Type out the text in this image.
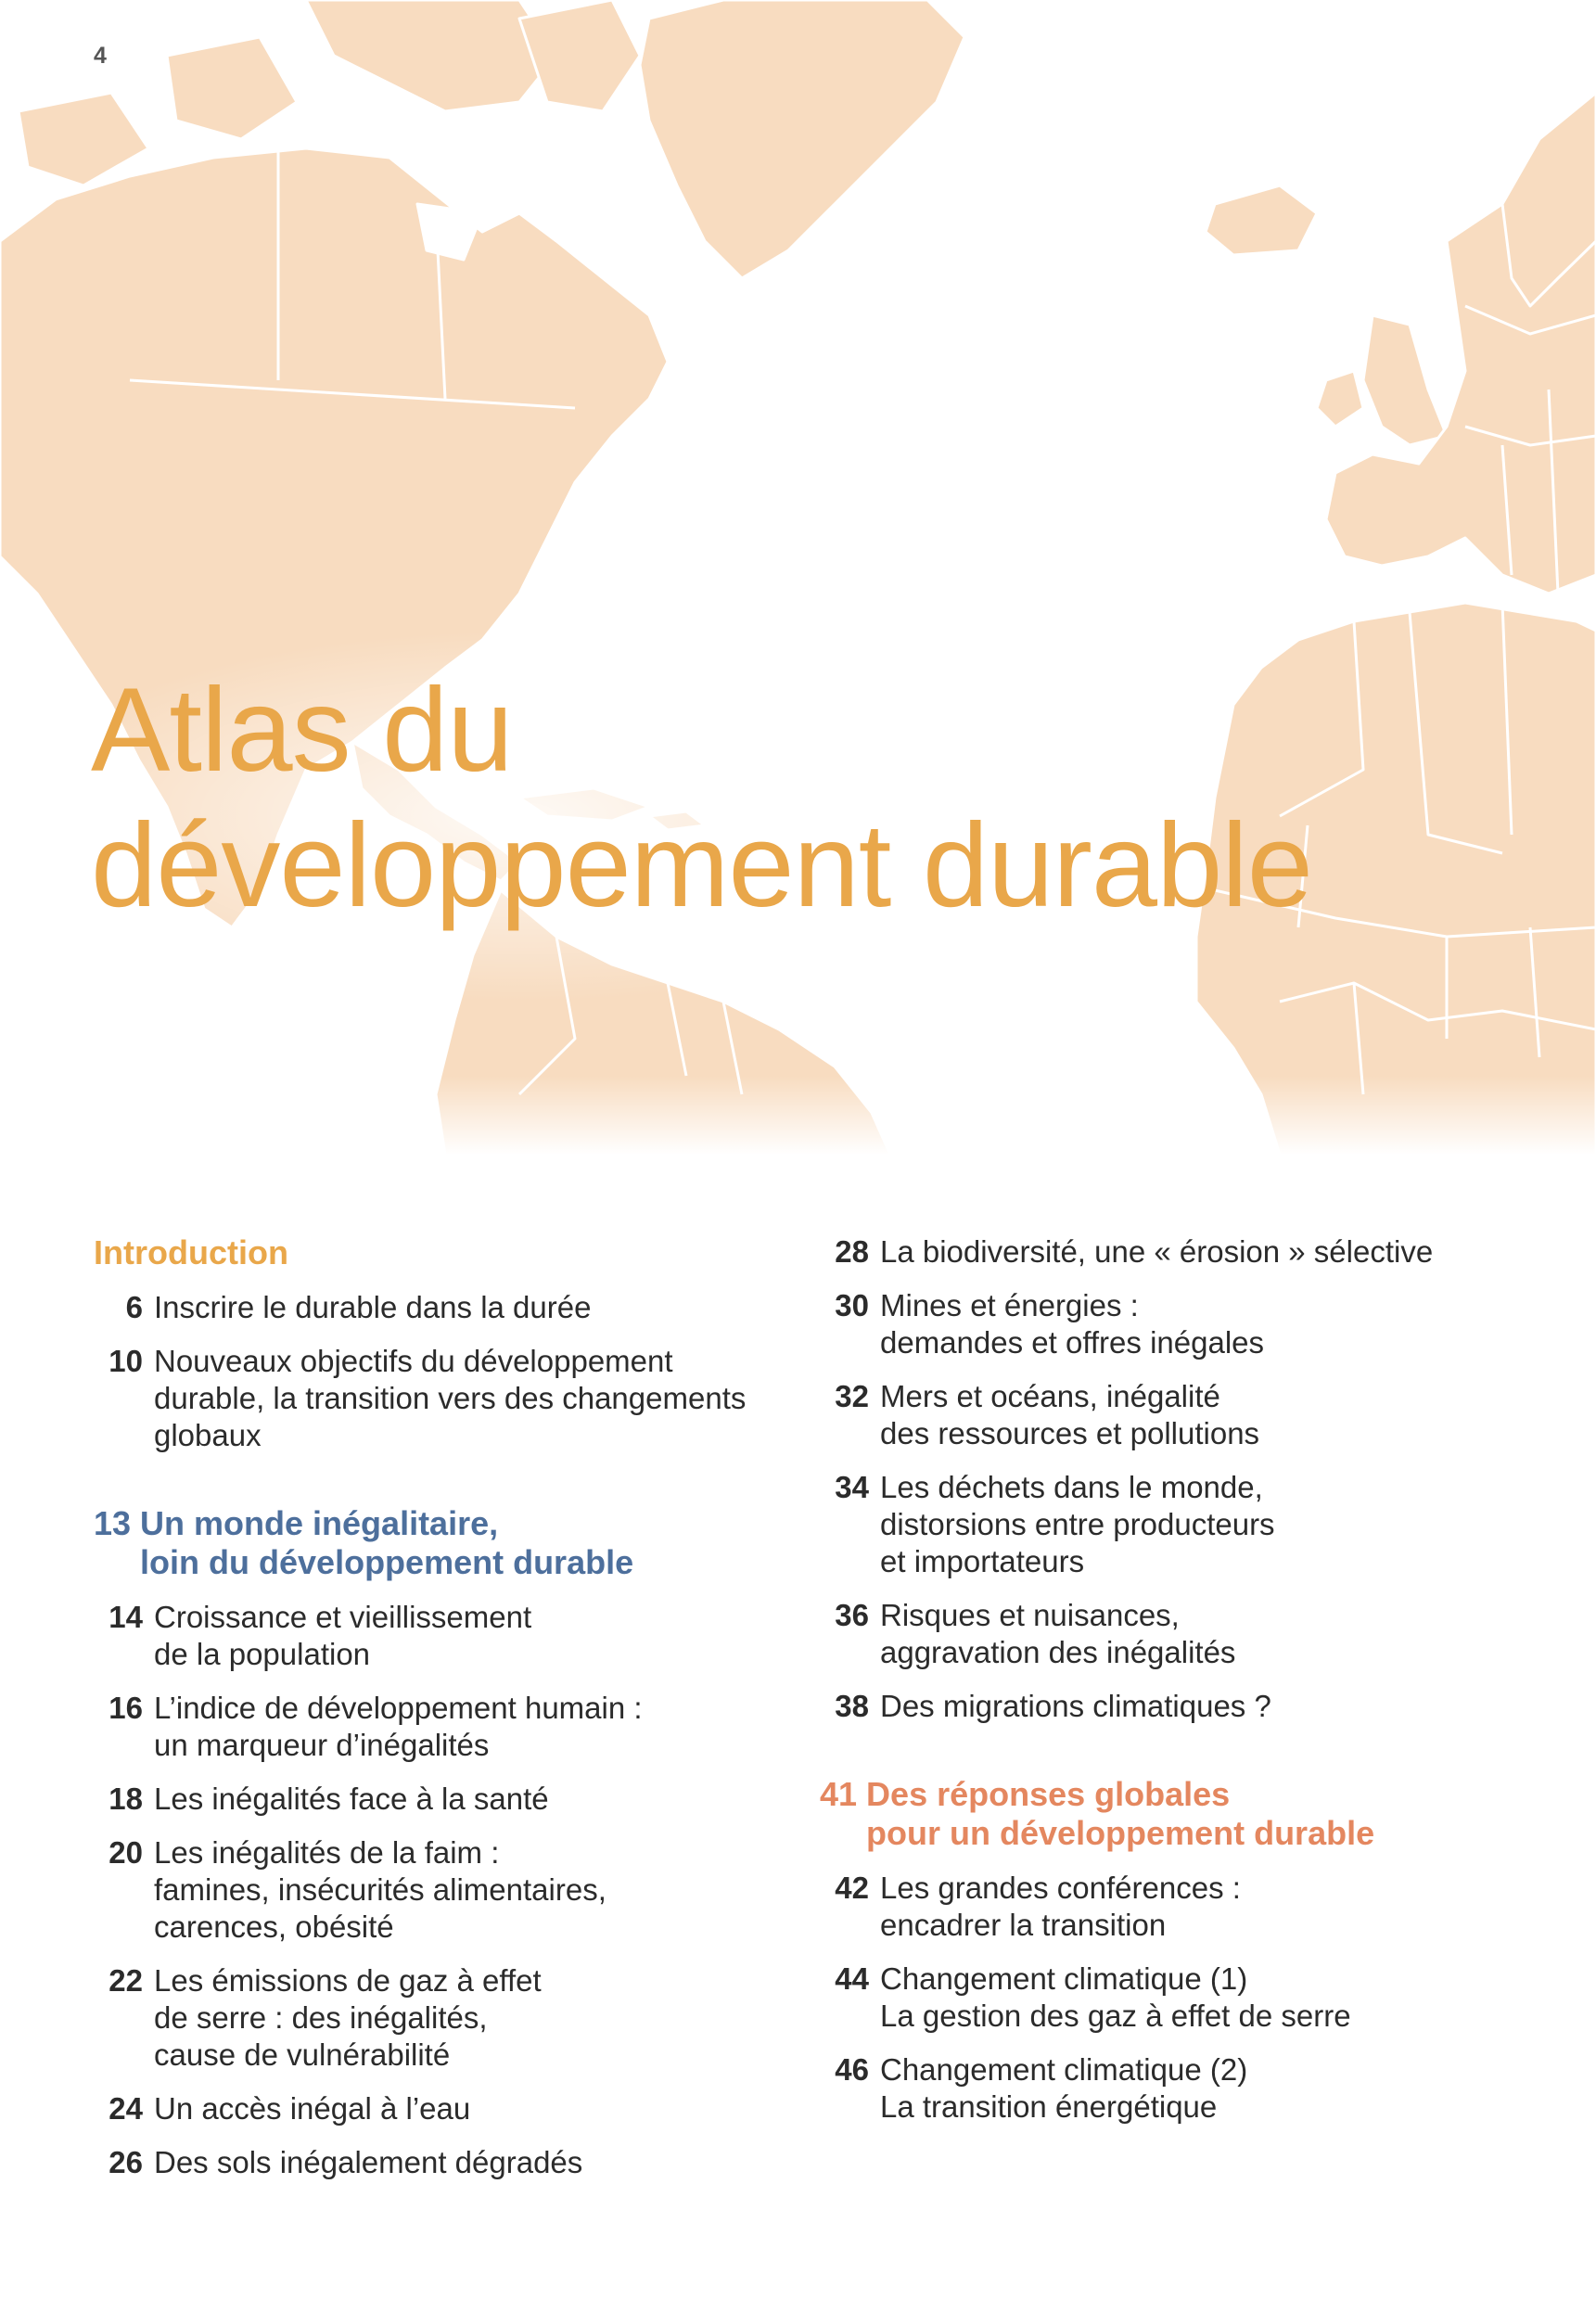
4
Atlas du
développement durable
Introduction
6 Inscrire le durable dans la durée
10 Nouveaux objectifs du développement
durable, la transition vers des changements
globaux
13 Un monde inégalitaire,
loin du développement durable
14 Croissance et vieillissement
de la population
16 L’indice de développement humain :
un marqueur d’inégalités
18 Les inégalités face à la santé
20 Les inégalités de la faim :
famines, insécurités alimentaires,
carences, obésité
22 Les émissions de gaz à effet
de serre : des inégalités,
cause de vulnérabilité
24 Un accès inégal à l’eau
26 Des sols inégalement dégradés
28 La biodiversité, une « érosion » sélective
30 Mines et énergies :
demandes et offres inégales
32 Mers et océans, inégalité
des ressources et pollutions
34 Les déchets dans le monde,
distorsions entre producteurs
et importateurs
36 Risques et nuisances,
aggravation des inégalités
38 Des migrations climatiques ?
41 Des réponses globales
pour un développement durable
42 Les grandes conférences :
encadrer la transition
44 Changement climatique (1)
La gestion des gaz à effet de serre
46 Changement climatique (2)
La transition énergétique
